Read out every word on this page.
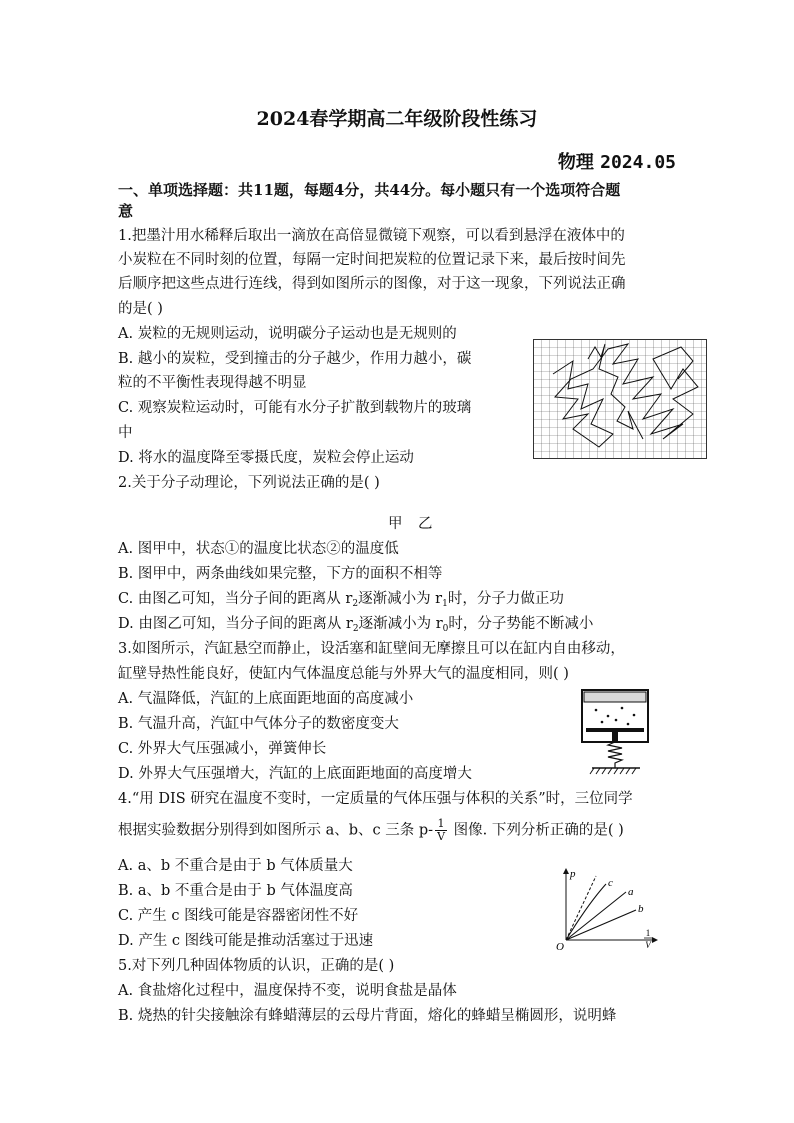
2024春学期高二年级阶段性练习
物理 2024.05
一、单项选择题：共11题，每题4分，共44分。每小题只有一个选项符合题
意
1.把墨汁用水稀释后取出一滴放在高倍显微镜下观察，可以看到悬浮在液体中的
小炭粒在不同时刻的位置，每隔一定时间把炭粒的位置记录下来，最后按时间先
后顺序把这些点进行连线，得到如图所示的图像，对于这一现象，下列说法正确
的是( )
A. 炭粒的无规则运动，说明碳分子运动也是无规则的
B. 越小的炭粒，受到撞击的分子越少，作用力越小，碳
粒的不平衡性表现得越不明显
C. 观察炭粒运动时，可能有水分子扩散到载物片的玻璃
中
D. 将水的温度降至零摄氏度，炭粒会停止运动
2.关于分子动理论，下列说法正确的是( )
甲 乙
A. 图甲中，状态①的温度比状态②的温度低
B. 图甲中，两条曲线如果完整，下方的面积不相等
C. 由图乙可知，当分子间的距离从 $r_2$逐渐减小为 $r_1$时，分子力做正功
D. 由图乙可知，当分子间的距离从 $r_2$逐渐减小为 $r_0$时，分子势能不断减小
3.如图所示，汽缸悬空而静止，设活塞和缸壁间无摩擦且可以在缸内自由移动，
缸壁导热性能良好，使缸内气体温度总能与外界大气的温度相同，则( )
A. 气温降低，汽缸的上底面距地面的高度减小
B. 气温升高，汽缸中气体分子的数密度变大
C. 外界大气压强减小，弹簧伸长
D. 外界大气压强增大，汽缸的上底面距地面的高度增大
4.“用 DIS 研究在温度不变时，一定质量的气体压强与体积的关系”时，三位同学
根据实验数据分别得到如图所示 a、b、c 三条 $p- \frac{1}{V}$ 图像. 下列分析正确的是( )
A. a、b 不重合是由于 b 气体质量大
B. a、b 不重合是由于 b 气体温度高
C. 产生 c 图线可能是容器密闭性不好
D. 产生 c 图线可能是推动活塞过于迅速
p
O
c
a
b
1
V
5.对下列几种固体物质的认识，正确的是( )
A. 食盐熔化过程中，温度保持不变，说明食盐是晶体
B. 烧热的针尖接触涂有蜂蜡薄层的云母片背面，熔化的蜂蜡呈椭圆形，说明蜂
